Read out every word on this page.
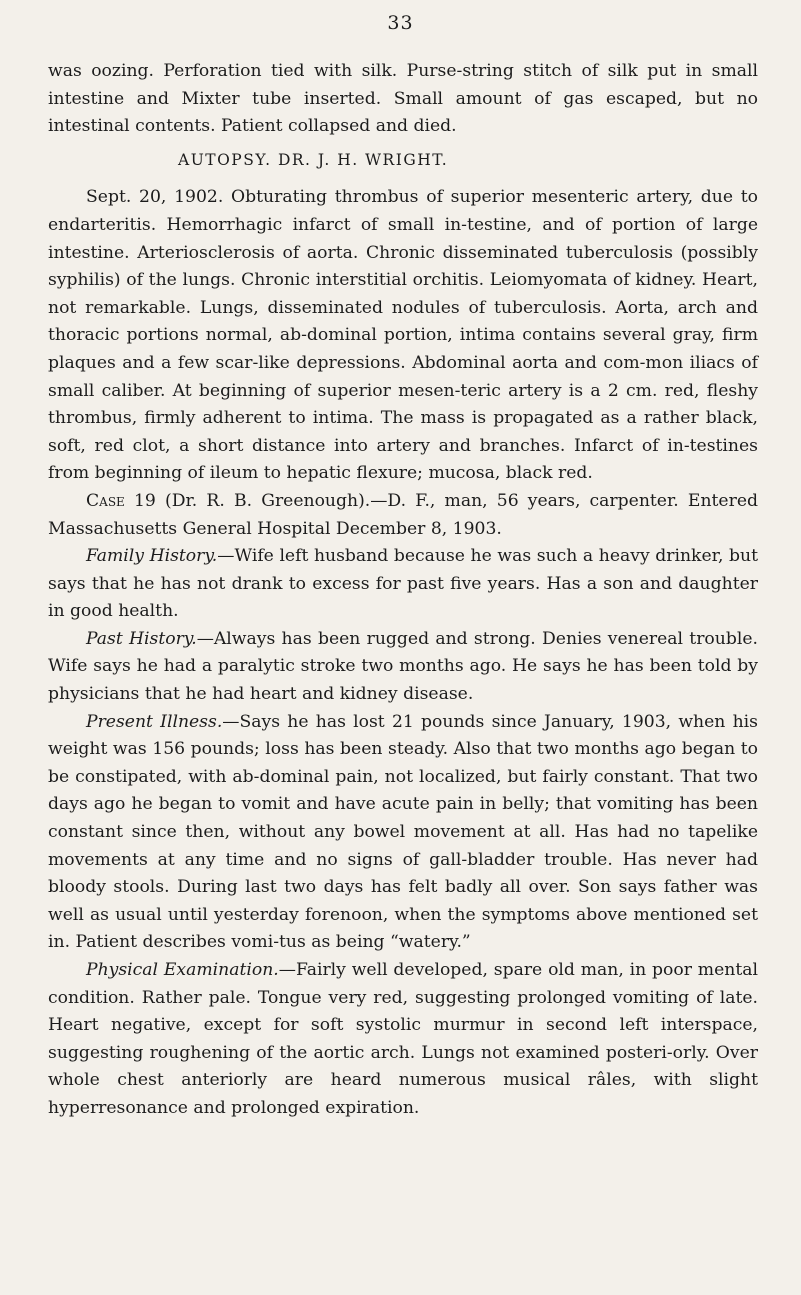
33

was oozing. Perforation tied with silk. Purse-string stitch of silk put in small intestine and Mixter tube inserted. Small amount of gas escaped, but no intestinal contents. Patient collapsed and died.

AUTOPSY. DR. J. H. WRIGHT.

Sept. 20, 1902. Obturating thrombus of superior mesenteric artery, due to endarteritis. Hemorrhagic infarct of small in-testine, and of portion of large intestine. Arteriosclerosis of aorta. Chronic disseminated tuberculosis (possibly syphilis) of the lungs. Chronic interstitial orchitis. Leiomyomata of kidney. Heart, not remarkable. Lungs, disseminated nodules of tuberculosis. Aorta, arch and thoracic portions normal, ab-dominal portion, intima contains several gray, firm plaques and a few scar-like depressions. Abdominal aorta and com-mon iliacs of small caliber. At beginning of superior mesen-teric artery is a 2 cm. red, fleshy thrombus, firmly adherent to intima. The mass is propagated as a rather black, soft, red clot, a short distance into artery and branches. Infarct of in-testines from beginning of ileum to hepatic flexure; mucosa, black red.

Case 19 (Dr. R. B. Greenough).—D. F., man, 56 years, carpenter. Entered Massachusetts General Hospital December 8, 1903.

Family History.—Wife left husband because he was such a heavy drinker, but says that he has not drank to excess for past five years. Has a son and daughter in good health.

Past History.—Always has been rugged and strong. Denies venereal trouble. Wife says he had a paralytic stroke two months ago. He says he has been told by physicians that he had heart and kidney disease.

Present Illness.—Says he has lost 21 pounds since January, 1903, when his weight was 156 pounds; loss has been steady. Also that two months ago began to be constipated, with ab-dominal pain, not localized, but fairly constant. That two days ago he began to vomit and have acute pain in belly; that vomiting has been constant since then, without any bowel movement at all. Has had no tapelike movements at any time and no signs of gall-bladder trouble. Has never had bloody stools. During last two days has felt badly all over. Son says father was well as usual until yesterday forenoon, when the symptoms above mentioned set in. Patient describes vomi-tus as being “watery.”

Physical Examination.—Fairly well developed, spare old man, in poor mental condition. Rather pale. Tongue very red, suggesting prolonged vomiting of late. Heart negative, except for soft systolic murmur in second left interspace, suggesting roughening of the aortic arch. Lungs not examined posteri-orly. Over whole chest anteriorly are heard numerous musical râles, with slight hyperresonance and prolonged expiration.
